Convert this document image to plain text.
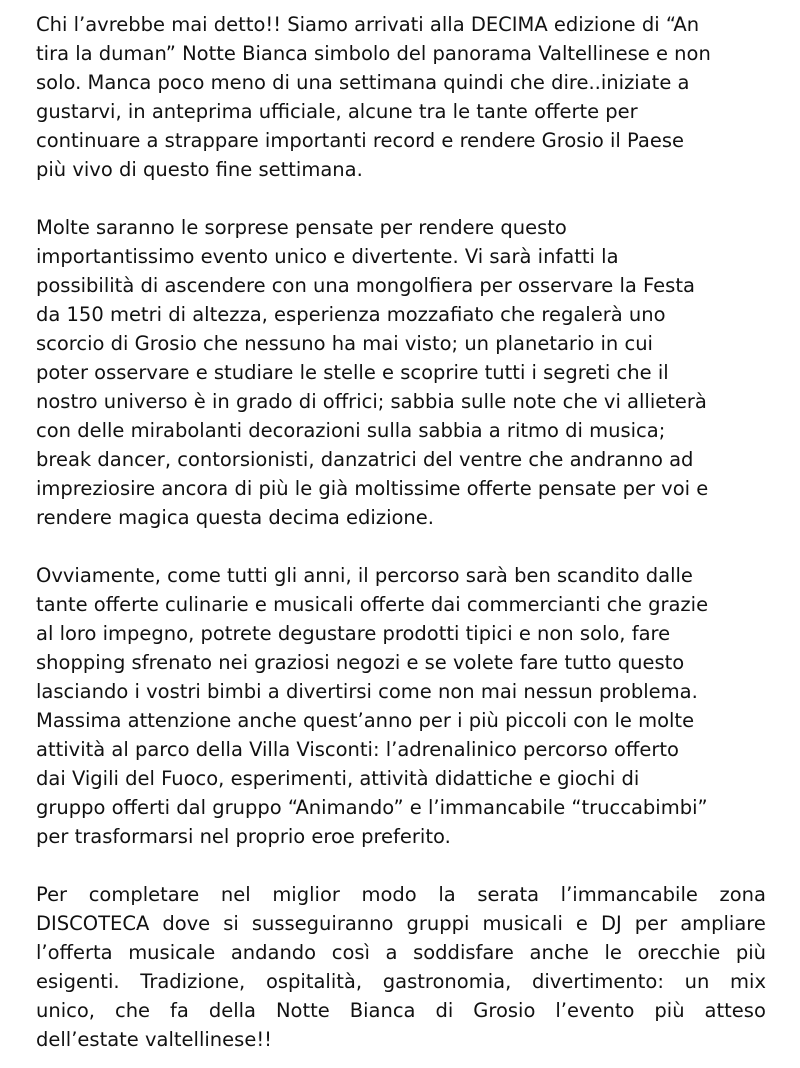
Chi l’avrebbe mai detto!! Siamo arrivati alla DECIMA edizione di “An
tira la duman” Notte Bianca simbolo del panorama Valtellinese e non
solo. Manca poco meno di una settimana quindi che dire..iniziate a
gustarvi, in anteprima ufficiale, alcune tra le tante offerte per
continuare a strappare importanti record e rendere Grosio il Paese
più vivo di questo fine settimana.

Molte saranno le sorprese pensate per rendere questo
importantissimo evento unico e divertente. Vi sarà infatti la
possibilità di ascendere con una mongolfiera per osservare la Festa
da 150 metri di altezza, esperienza mozzafiato che regalerà uno
scorcio di Grosio che nessuno ha mai visto; un planetario in cui
poter osservare e studiare le stelle e scoprire tutti i segreti che il
nostro universo è in grado di offrici; sabbia sulle note che vi allieterà
con delle mirabolanti decorazioni sulla sabbia a ritmo di musica;
break dancer, contorsionisti, danzatrici del ventre che andranno ad
impreziosire ancora di più le già moltissime offerte pensate per voi e
rendere magica questa decima edizione.

Ovviamente, come tutti gli anni, il percorso sarà ben scandito dalle
tante offerte culinarie e musicali offerte dai commercianti che grazie
al loro impegno, potrete degustare prodotti tipici e non solo, fare
shopping sfrenato nei graziosi negozi e se volete fare tutto questo
lasciando i vostri bimbi a divertirsi come non mai nessun problema.
Massima attenzione anche quest’anno per i più piccoli con le molte
attività al parco della Villa Visconti: l’adrenalinico percorso offerto
dai Vigili del Fuoco, esperimenti, attività didattiche e giochi di
gruppo offerti dal gruppo “Animando” e l’immancabile “truccabimbi”
per trasformarsi nel proprio eroe preferito.

Per completare nel miglior modo la serata l’immancabile zona
DISCOTECA dove si susseguiranno gruppi musicali e DJ per ampliare
l’offerta musicale andando così a soddisfare anche le orecchie più
esigenti. Tradizione, ospitalità, gastronomia, divertimento: un mix
unico, che fa della Notte Bianca di Grosio l’evento più atteso
dell’estate valtellinese!!
